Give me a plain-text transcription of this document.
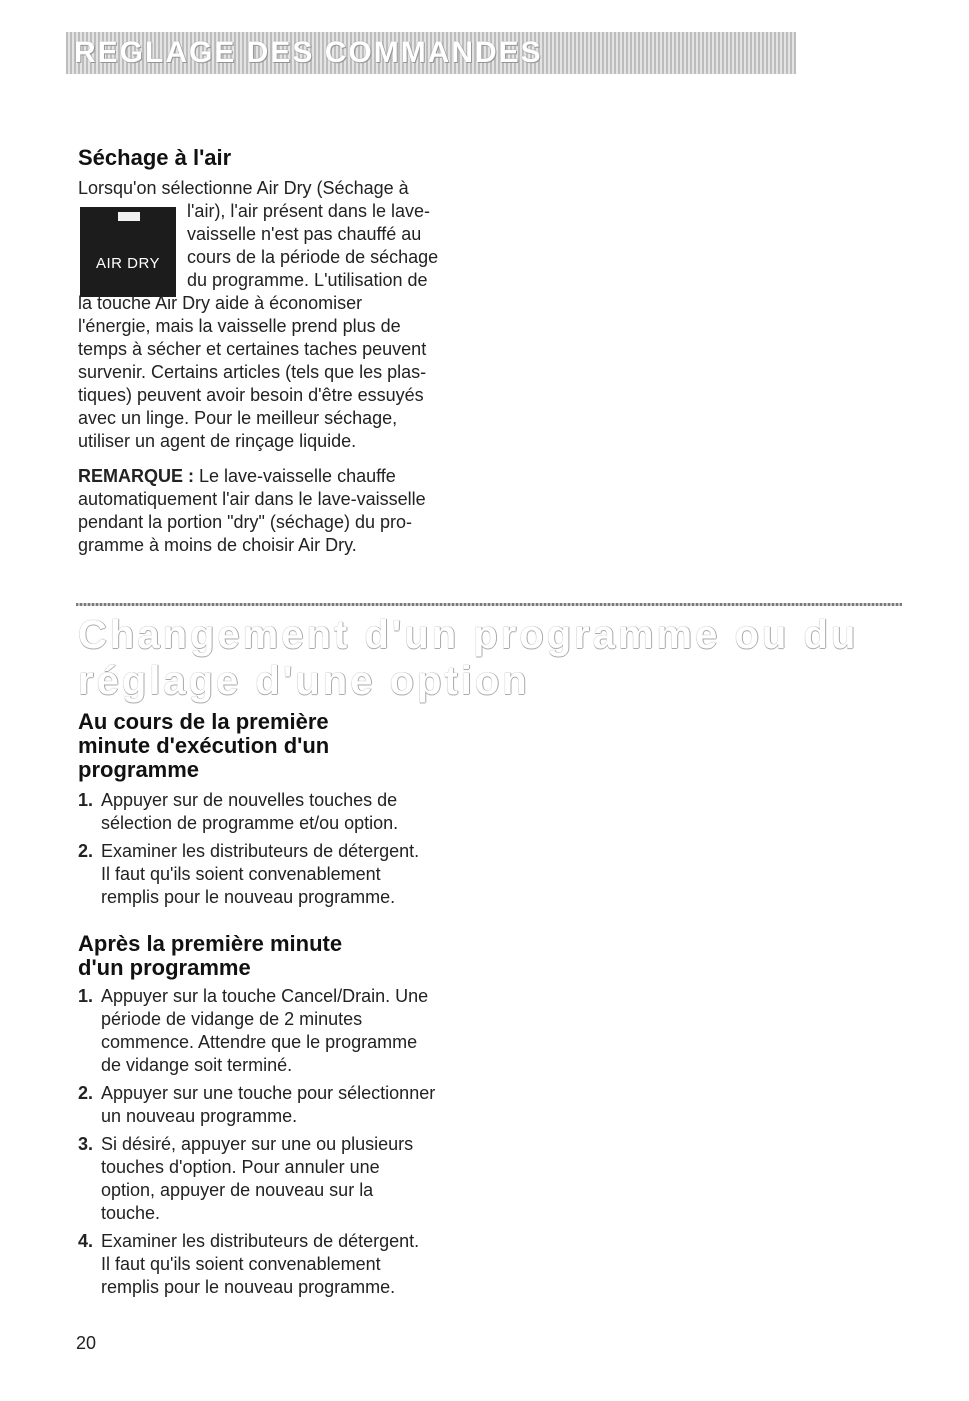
REGLAGE DES COMMANDES
Séchage à l'air
AIR DRY
Lorsqu'on sélectionne Air Dry (Séchage à
l'air), l'air présent dans le lave-
vaisselle n'est pas chauffé au
cours de la période de séchage
du programme. L'utilisation de
la touche Air Dry aide à économiser
l'énergie, mais la vaisselle prend plus de
temps à sécher et certaines taches peuvent
survenir. Certains articles (tels que les plas-
tiques) peuvent avoir besoin d'être essuyés
avec un linge. Pour le meilleur séchage,
utiliser un agent de rinçage liquide.
REMARQUE : Le lave-vaisselle chauffe
automatiquement l'air dans le lave-vaisselle
pendant la portion "dry" (séchage) du pro-
gramme à moins de choisir Air Dry.
Changement d'un programme ou du
réglage d'une option
Au cours de la première
minute d'exécution d'un
programme
1. Appuyer sur de nouvelles touches de
sélection de programme et/ou option.
2. Examiner les distributeurs de détergent.
Il faut qu'ils soient convenablement
remplis pour le nouveau programme.
Après la première minute
d'un programme
1. Appuyer sur la touche Cancel/Drain. Une
période de vidange de 2 minutes
commence. Attendre que le programme
de vidange soit terminé.
2. Appuyer sur une touche pour sélectionner
un nouveau programme.
3. Si désiré, appuyer sur une ou plusieurs
touches d'option. Pour annuler une
option, appuyer de nouveau sur la
touche.
4. Examiner les distributeurs de détergent.
Il faut qu'ils soient convenablement
remplis pour le nouveau programme.
20
